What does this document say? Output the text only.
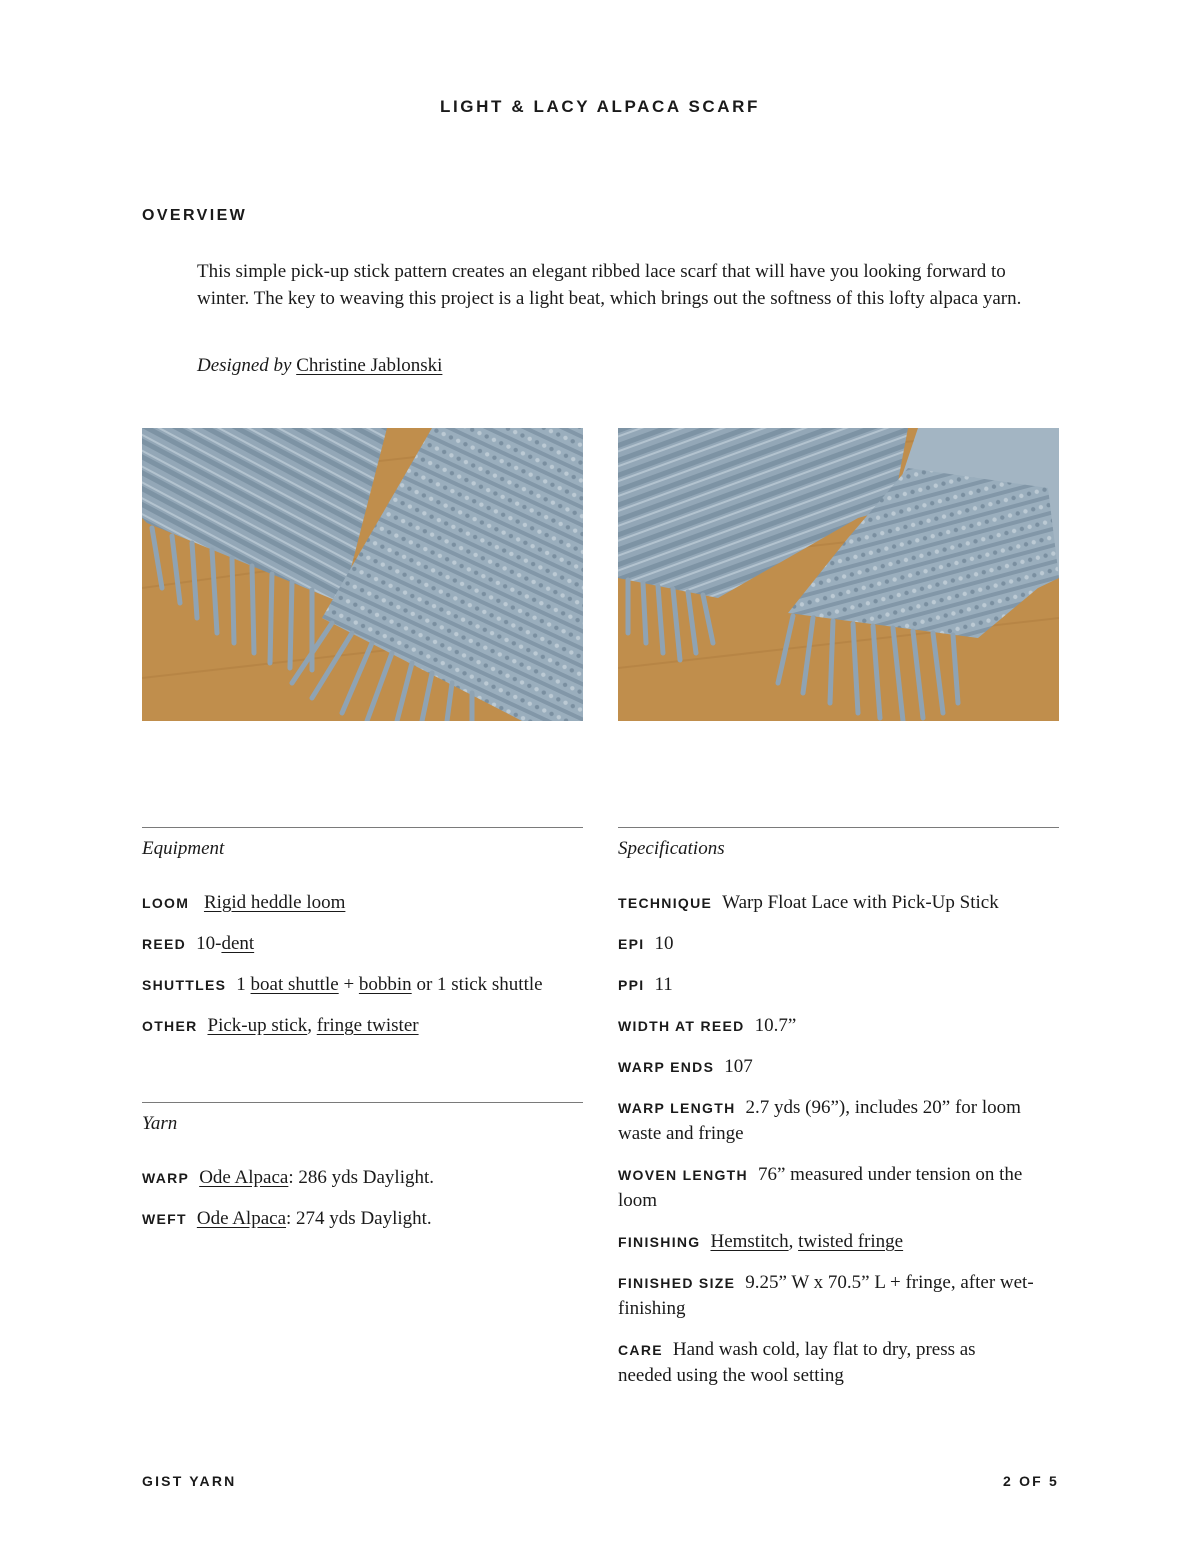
LIGHT & LACY ALPACA SCARF
OVERVIEW

This simple pick-up stick pattern creates an elegant ribbed lace scarf that will have you looking forward to winter. The key to weaving this project is a light beat, which brings out the softness of this lofty alpaca yarn.

Designed by Christine Jablonski
Equipment
LOOM Rigid heddle loom
REED 10-dent
SHUTTLES 1 boat shuttle + bobbin or 1 stick shuttle
OTHER Pick-up stick, fringe twister
Yarn
WARP Ode Alpaca: 286 yds Daylight.
WEFT Ode Alpaca: 274 yds Daylight.
Specifications
TECHNIQUE Warp Float Lace with Pick-Up Stick
EPI 10
PPI 11
WIDTH AT REED 10.7”
WARP ENDS 107
WARP LENGTH 2.7 yds (96”), includes 20” for loom waste and fringe
WOVEN LENGTH 76” measured under tension on the loom
FINISHING Hemstitch, twisted fringe
FINISHED SIZE 9.25” W x 70.5” L + fringe, after wet-finishing
CARE Hand wash cold, lay flat to dry, press as needed using the wool setting
GIST YARN	2 OF 5
